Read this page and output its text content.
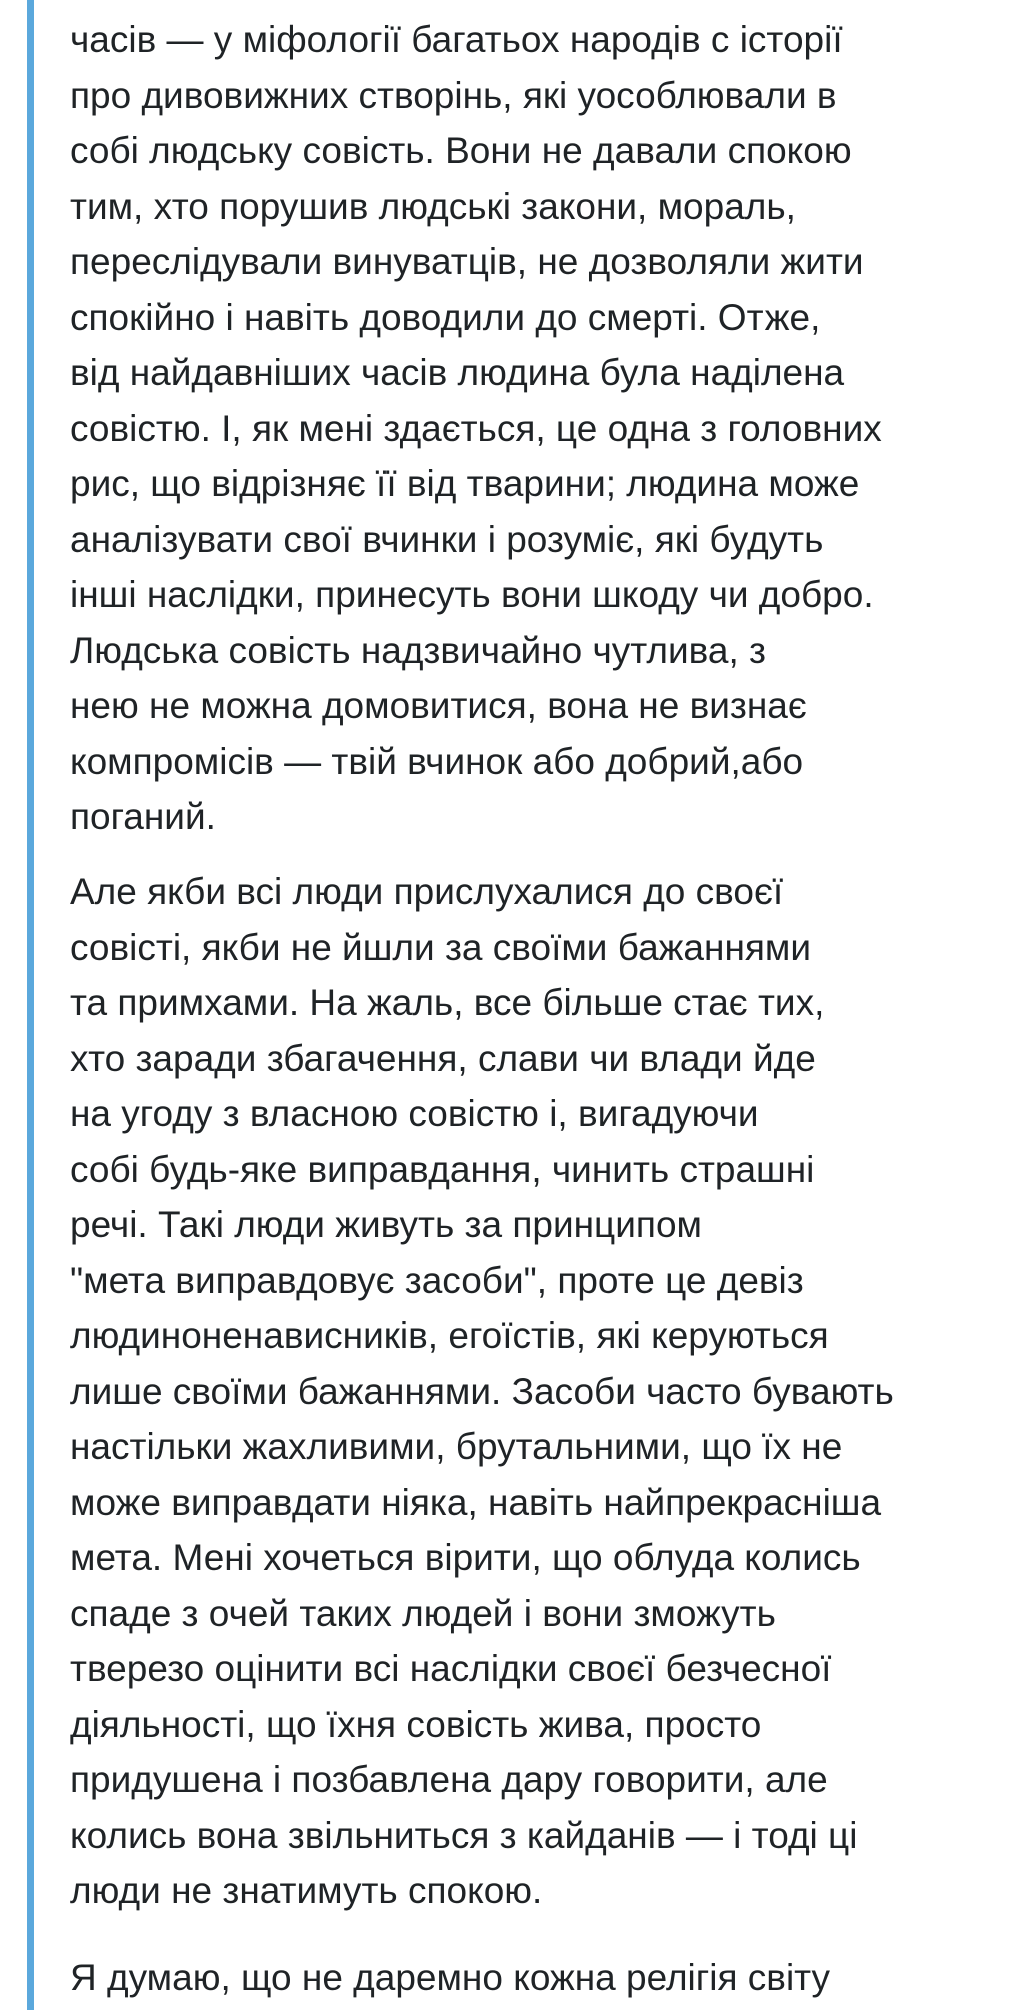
часів — у міфології багатьох народів с історії
про дивовижних створінь, які уособлювали в
собі людську совість. Вони не давали спокою
тим, хто порушив людські закони, мораль,
переслідували винуватців, не дозволяли жити
спокійно і навіть доводили до смерті. Отже,
від найдавніших часів людина була наділена
совістю. І, як мені здається, це одна з головних
рис, що відрізняє її від тварини; людина може
аналізувати свої вчинки і розуміє, які будуть
інші наслідки, принесуть вони шкоду чи добро.
Людська совість надзвичайно чутлива, з
нею не можна домовитися, вона не визнає
компромісів — твій вчинок або добрий,або
поганий.
Але якби всі люди прислухалися до своєї
совісті, якби не йшли за своїми бажаннями
та примхами. На жаль, все більше стає тих,
хто заради збагачення, слави чи влади йде
на угоду з власною совістю і, вигадуючи
собі будь-яке виправдання, чинить страшні
речі. Такі люди живуть за принципом
"мета виправдовує засоби", проте це девіз
людиноненависників, егоїстів, які керуються
лише своїми бажаннями. Засоби часто бувають
настільки жахливими, брутальними, що їх не
може виправдати ніяка, навіть найпрекрасніша
мета. Мені хочеться вірити, що облуда колись
спаде з очей таких людей і вони зможуть
тверезо оцінити всі наслідки своєї безчесної
діяльності, що їхня совість жива, просто
придушена і позбавлена дару говорити, але
колись вона звільниться з кайданів — і тоді ці
люди не знатимуть спокою.
Я думаю, що не даремно кожна релігія світу
